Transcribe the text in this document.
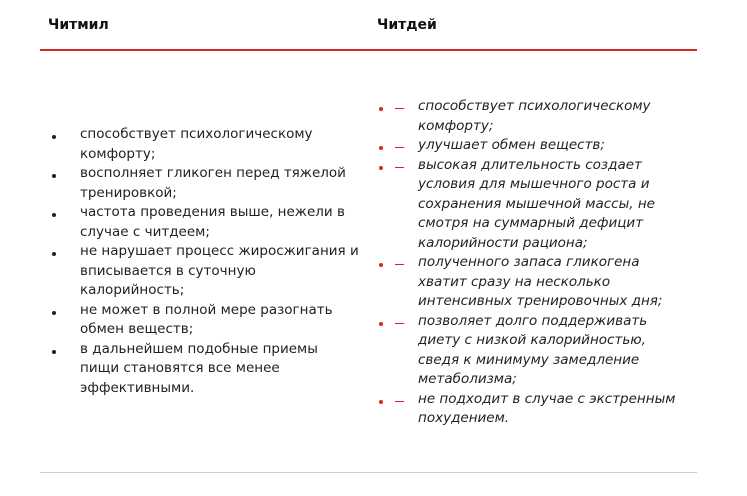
Читмил	Читдей
способствует психологическому комфорту;
восполняет гликоген перед тяжелой тренировкой;
частота проведения выше, нежели в случае с читдеем;
не нарушает процесс жиросжигания и вписывается в суточную калорийность;
не может в полной мере разогнать обмен веществ;
в дальнейшем подобные приемы пищи становятся все менее эффективными.
способствует психологическому комфорту;
улучшает обмен веществ;
высокая длительность создает условия для мышечного роста и сохранения мышечной массы, не смотря на суммарный дефицит калорийности рациона;
полученного запаса гликогена хватит сразу на несколько интенсивных тренировочных дня;
позволяет долго поддерживать диету с низкой калорийностью, сведя к минимуму замедление метаболизма;
не подходит в случае с экстренным похудением.
